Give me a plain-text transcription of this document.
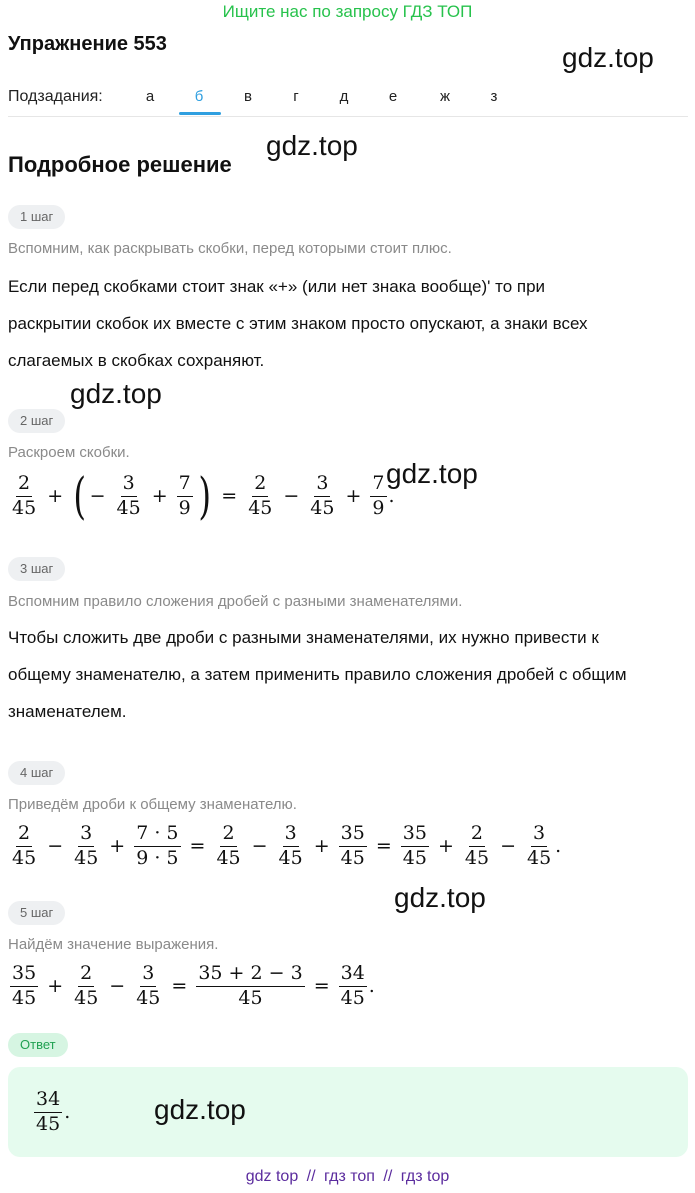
Ищите нас по запросу ГДЗ ТОП
Упражнение 553	gdz.top
gdz.top
gdz.top
gdz.top
gdz.top
Подзадания:	а	б	в	г	д	е	ж	з
Подробное решение
1 шаг
Вспомним, как раскрывать скобки, перед которыми стоит плюс.
Если перед скобками стоит знак «+» (или нет знака вообще)' то при
раскрытии скобок их вместе с этим знаком просто опускают, а знаки всех
слагаемых в скобках сохраняют.
2 шаг
Раскроем скобки.
$\frac{2}{45}$ + ( − $\frac{3}{45} + \frac{7}{9}$ ) = $\frac{2}{45} - \frac{3}{45} + \frac{7}{9}$ .
3 шаг
Вспомним правило сложения дробей с разными знаменателями.
Чтобы сложить две дроби с разными знаменателями, их нужно привести к
общему знаменателю, а затем применить правило сложения дробей с общим
знаменателем.
4 шаг
Приведём дроби к общему знаменателю.
$\frac{2}{45} - \frac{3}{45} + \frac{7 \cdot 5}{9 \cdot 5} = \frac{2}{45} - \frac{3}{45} + \frac{35}{45} = \frac{35}{45} + \frac{2}{45} - \frac{3}{45}$ .
5 шаг
Найдём значение выражения.
$\frac{35}{45} + \frac{2}{45} - \frac{3}{45} = \frac{35 + 2 - 3}{45} = \frac{34}{45}$ .
Ответ
$\frac{34}{45}$ .	gdz.top
gdz top // гдз топ // гдз top
